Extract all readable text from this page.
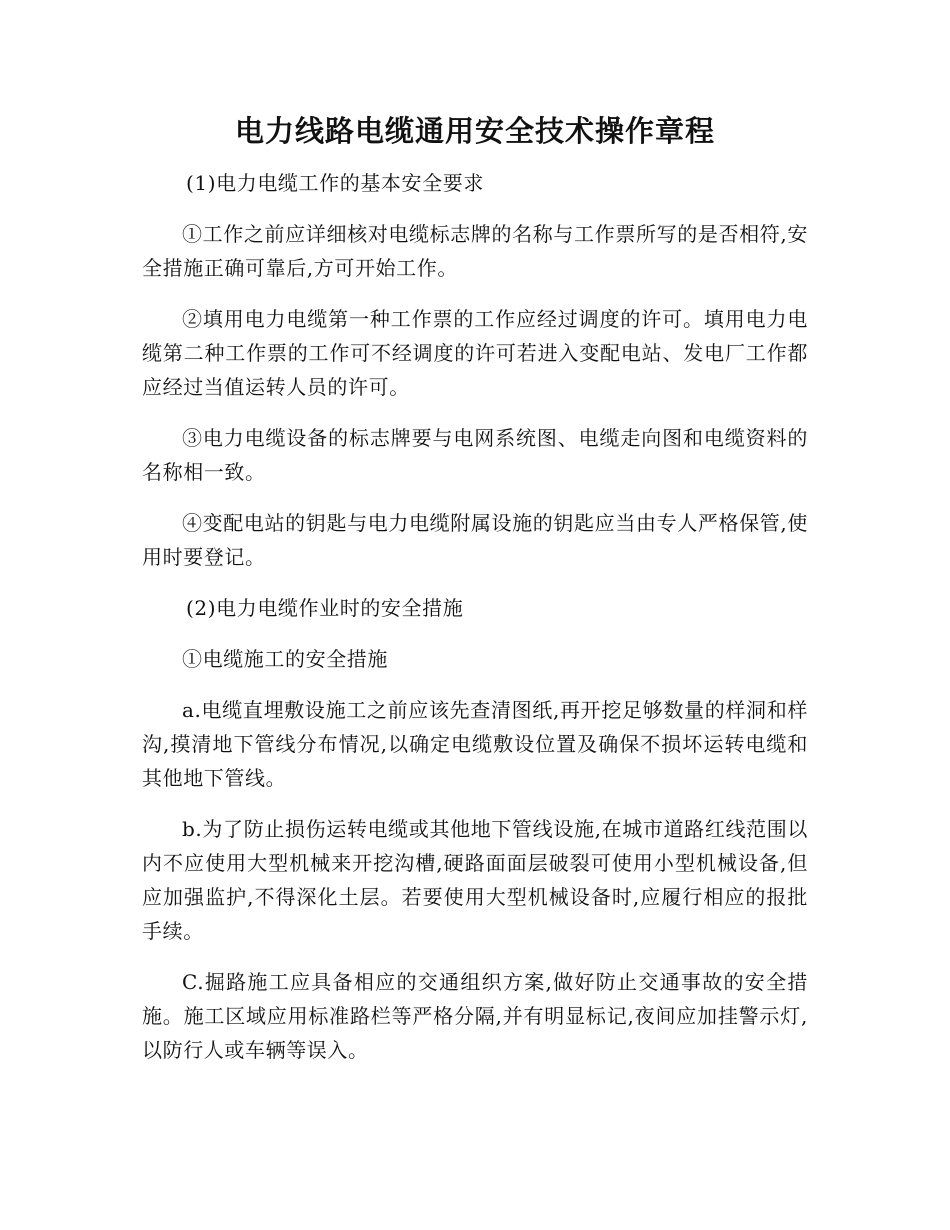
电力线路电缆通用安全技术操作章程

(1)电力电缆工作的基本安全要求

①工作之前应详细核对电缆标志牌的名称与工作票所写的是否相符,安全措施正确可靠后,方可开始工作。

②填用电力电缆第一种工作票的工作应经过调度的许可。填用电力电缆第二种工作票的工作可不经调度的许可若进入变配电站、发电厂工作都应经过当值运转人员的许可。

③电力电缆设备的标志牌要与电网系统图、电缆走向图和电缆资料的名称相一致。

④变配电站的钥匙与电力电缆附属设施的钥匙应当由专人严格保管,使用时要登记。

(2)电力电缆作业时的安全措施

①电缆施工的安全措施

a.电缆直埋敷设施工之前应该先查清图纸,再开挖足够数量的样洞和样沟,摸清地下管线分布情况,以确定电缆敷设位置及确保不损坏运转电缆和其他地下管线。

b.为了防止损伤运转电缆或其他地下管线设施,在城市道路红线范围以内不应使用大型机械来开挖沟槽,硬路面面层破裂可使用小型机械设备,但应加强监护,不得深化土层。若要使用大型机械设备时,应履行相应的报批手续。

C.掘路施工应具备相应的交通组织方案,做好防止交通事故的安全措施。施工区域应用标准路栏等严格分隔,并有明显标记,夜间应加挂警示灯,以防行人或车辆等误入。
